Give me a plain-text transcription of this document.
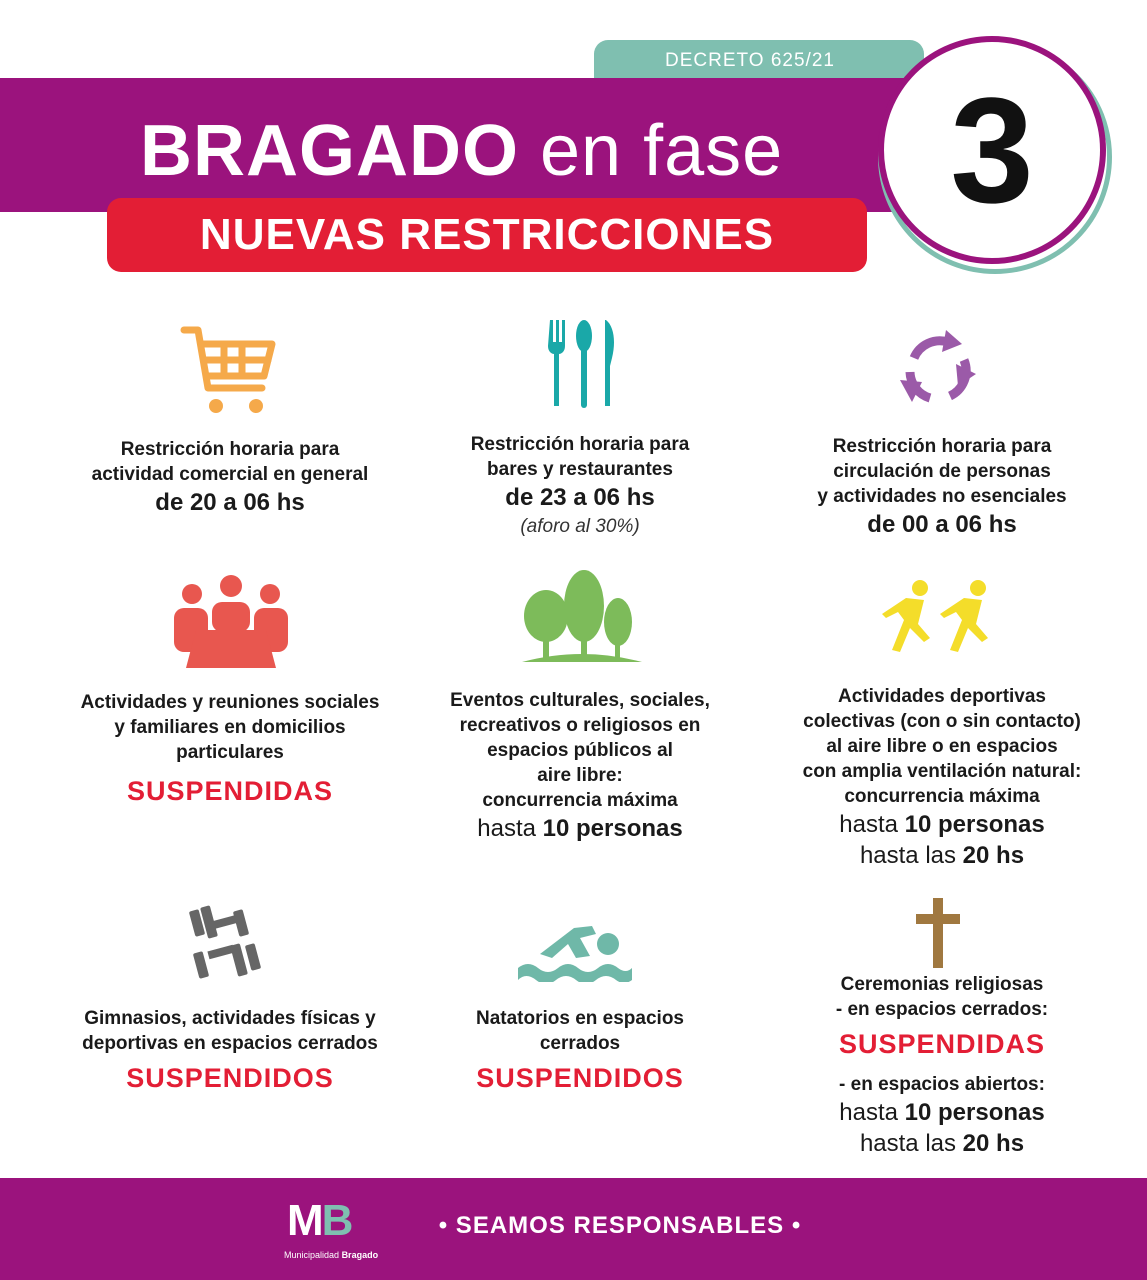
DECRETO 625/21
BRAGADO en fase
NUEVAS RESTRICCIONES
3
Restricción horaria para
actividad comercial en general
de 20 a 06 hs
Restricción horaria para
bares y restaurantes
de 23 a 06 hs
(aforo al 30%)
Restricción horaria para
circulación de personas
y actividades no esenciales
de 00 a 06 hs
Actividades y reuniones sociales
y familiares en domicilios
particulares
SUSPENDIDAS
Eventos culturales, sociales,
recreativos o religiosos en
espacios públicos al
aire libre:
concurrencia máxima
hasta 10 personas
Actividades deportivas
colectivas (con o sin contacto)
al aire libre o en espacios
con amplia ventilación natural:
concurrencia máxima
hasta 10 personas
hasta las 20 hs
Gimnasios, actividades físicas y
deportivas en espacios cerrados
SUSPENDIDOS
Natatorios en espacios
cerrados
SUSPENDIDOS
Ceremonias religiosas
- en espacios cerrados:
SUSPENDIDAS
- en espacios abiertos:
hasta 10 personas
hasta las 20 hs
MB
Municipalidad Bragado
• SEAMOS RESPONSABLES •
